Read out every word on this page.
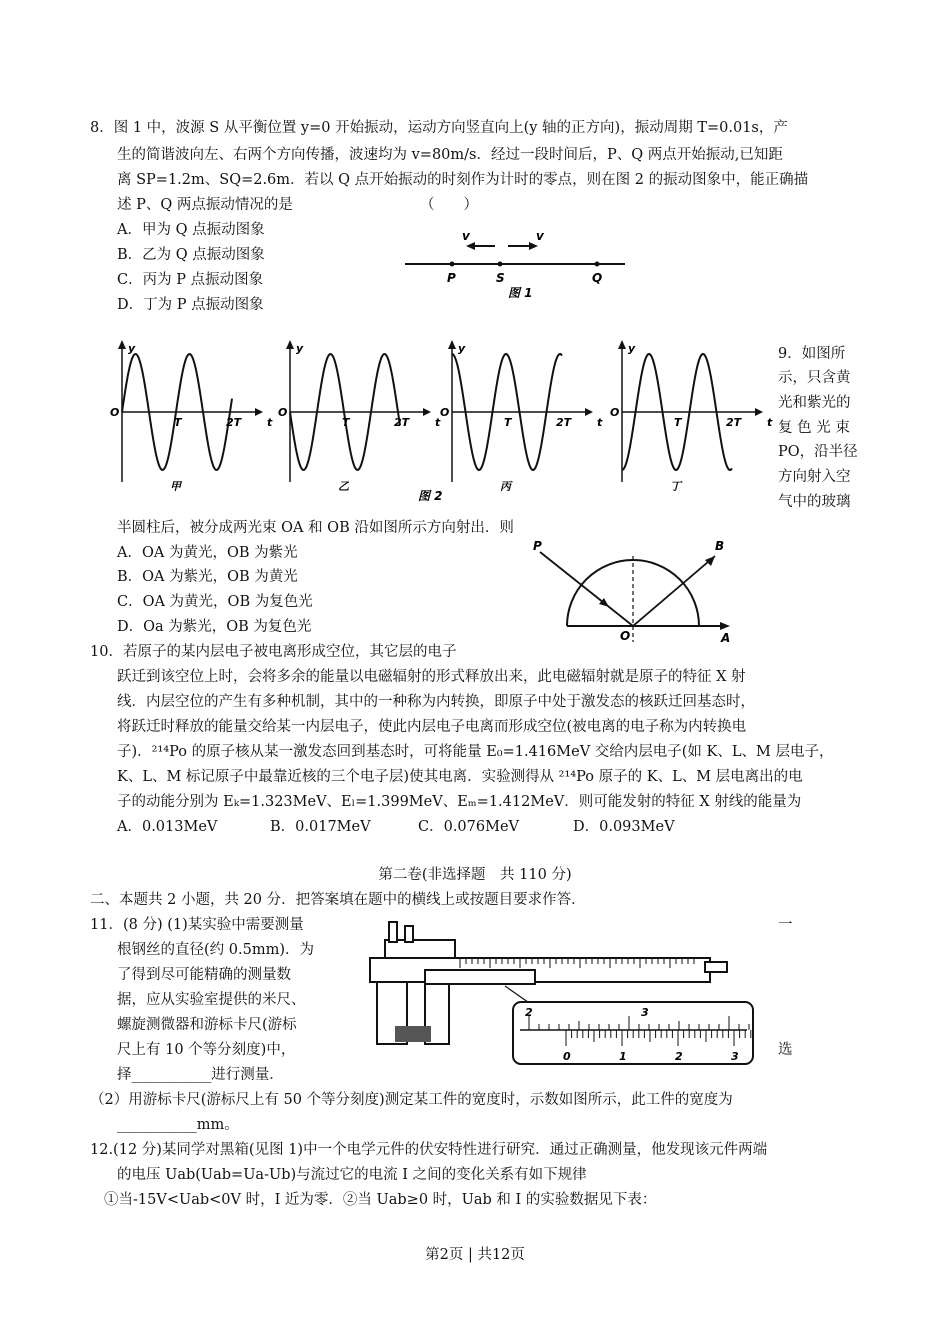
8．图 1 中，波源 S 从平衡位置 y=0 开始振动，运动方向竖直向上(y 轴的正方向)，振动周期 T=0.01s，产
生的简谐波向左、右两个方向传播，波速均为 v=80m/s．经过一段时间后，P、Q 两点开始振动,已知距
离 SP=1.2m、SQ=2.6m．若以 Q 点开始振动的时刻作为计时的零点，则在图 2 的振动图象中，能正确描
述 P、Q 两点振动情况的是	（　　）
A．甲为 Q 点振动图象
B．乙为 Q 点振动图象
C．丙为 P 点振动图象
D．丁为 P 点振动图象
v	v
P	S	Q
图 1
y
O
T	2T t
甲
y
O
T	2T t
乙
y
O
T	2T t
丙
y
O
T	2T t
丁
图 2
9．如图所
示，只含黄
光和紫光的
复 色 光 束
PO，沿半径
方向射入空
气中的玻璃
半圆柱后，被分成两光束 OA 和 OB 沿如图所示方向射出．则
A．OA 为黄光，OB 为紫光
B．OA 为紫光，OB 为黄光
C．OA 为黄光，OB 为复色光
D．Oa 为紫光，OB 为复色光
P	B
O	A
10．若原子的某内层电子被电离形成空位，其它层的电子
跃迁到该空位上时，会将多余的能量以电磁辐射的形式释放出来，此电磁辐射就是原子的特征 X 射
线．内层空位的产生有多种机制，其中的一种称为内转换，即原子中处于激发态的核跃迁回基态时，
将跃迁时释放的能量交给某一内层电子，使此内层电子电离而形成空位(被电离的电子称为内转换电
子)．²¹⁴Po 的原子核从某一激发态回到基态时，可将能量 E₀=1.416MeV 交给内层电子(如 K、L、M 层电子，
K、L、M 标记原子中最靠近核的三个电子层)使其电离．实验测得从 ²¹⁴Po 原子的 K、L、M 层电离出的电
子的动能分别为 Eₖ=1.323MeV、Eₗ=1.399MeV、Eₘ=1.412MeV．则可能发射的特征 X 射线的能量为
A．0.013MeV	B．0.017MeV	C．0.076MeV	D．0.093MeV
第二卷(非选择题　共 110 分)
二、本题共 2 小题，共 20 分．把答案填在题中的横线上或按题目要求作答．
11．(8 分) (1)某实验中需要测量
根钢丝的直径(约 0.5mm)．为
了得到尽可能精确的测量数
据，应从实验室提供的米尺、
螺旋测微器和游标卡尺(游标
尺上有 10 个等分刻度)中，
择___________进行测量．
一
选
（2）用游标卡尺(游标尺上有 50 个等分刻度)测定某工件的宽度时，示数如图所示，此工件的宽度为
___________mm。
2	3
0	1	2	3
12.(12 分)某同学对黑箱(见图 1)中一个电学元件的伏安特性进行研究．通过正确测量，他发现该元件两端
的电压 Uab(Uab=Ua-Ub)与流过它的电流 I 之间的变化关系有如下规律
①当-15V<Uab<0V 时，I 近为零．②当 Uab≥0 时，Uab 和 I 的实验数据见下表：
第2页 | 共12页
